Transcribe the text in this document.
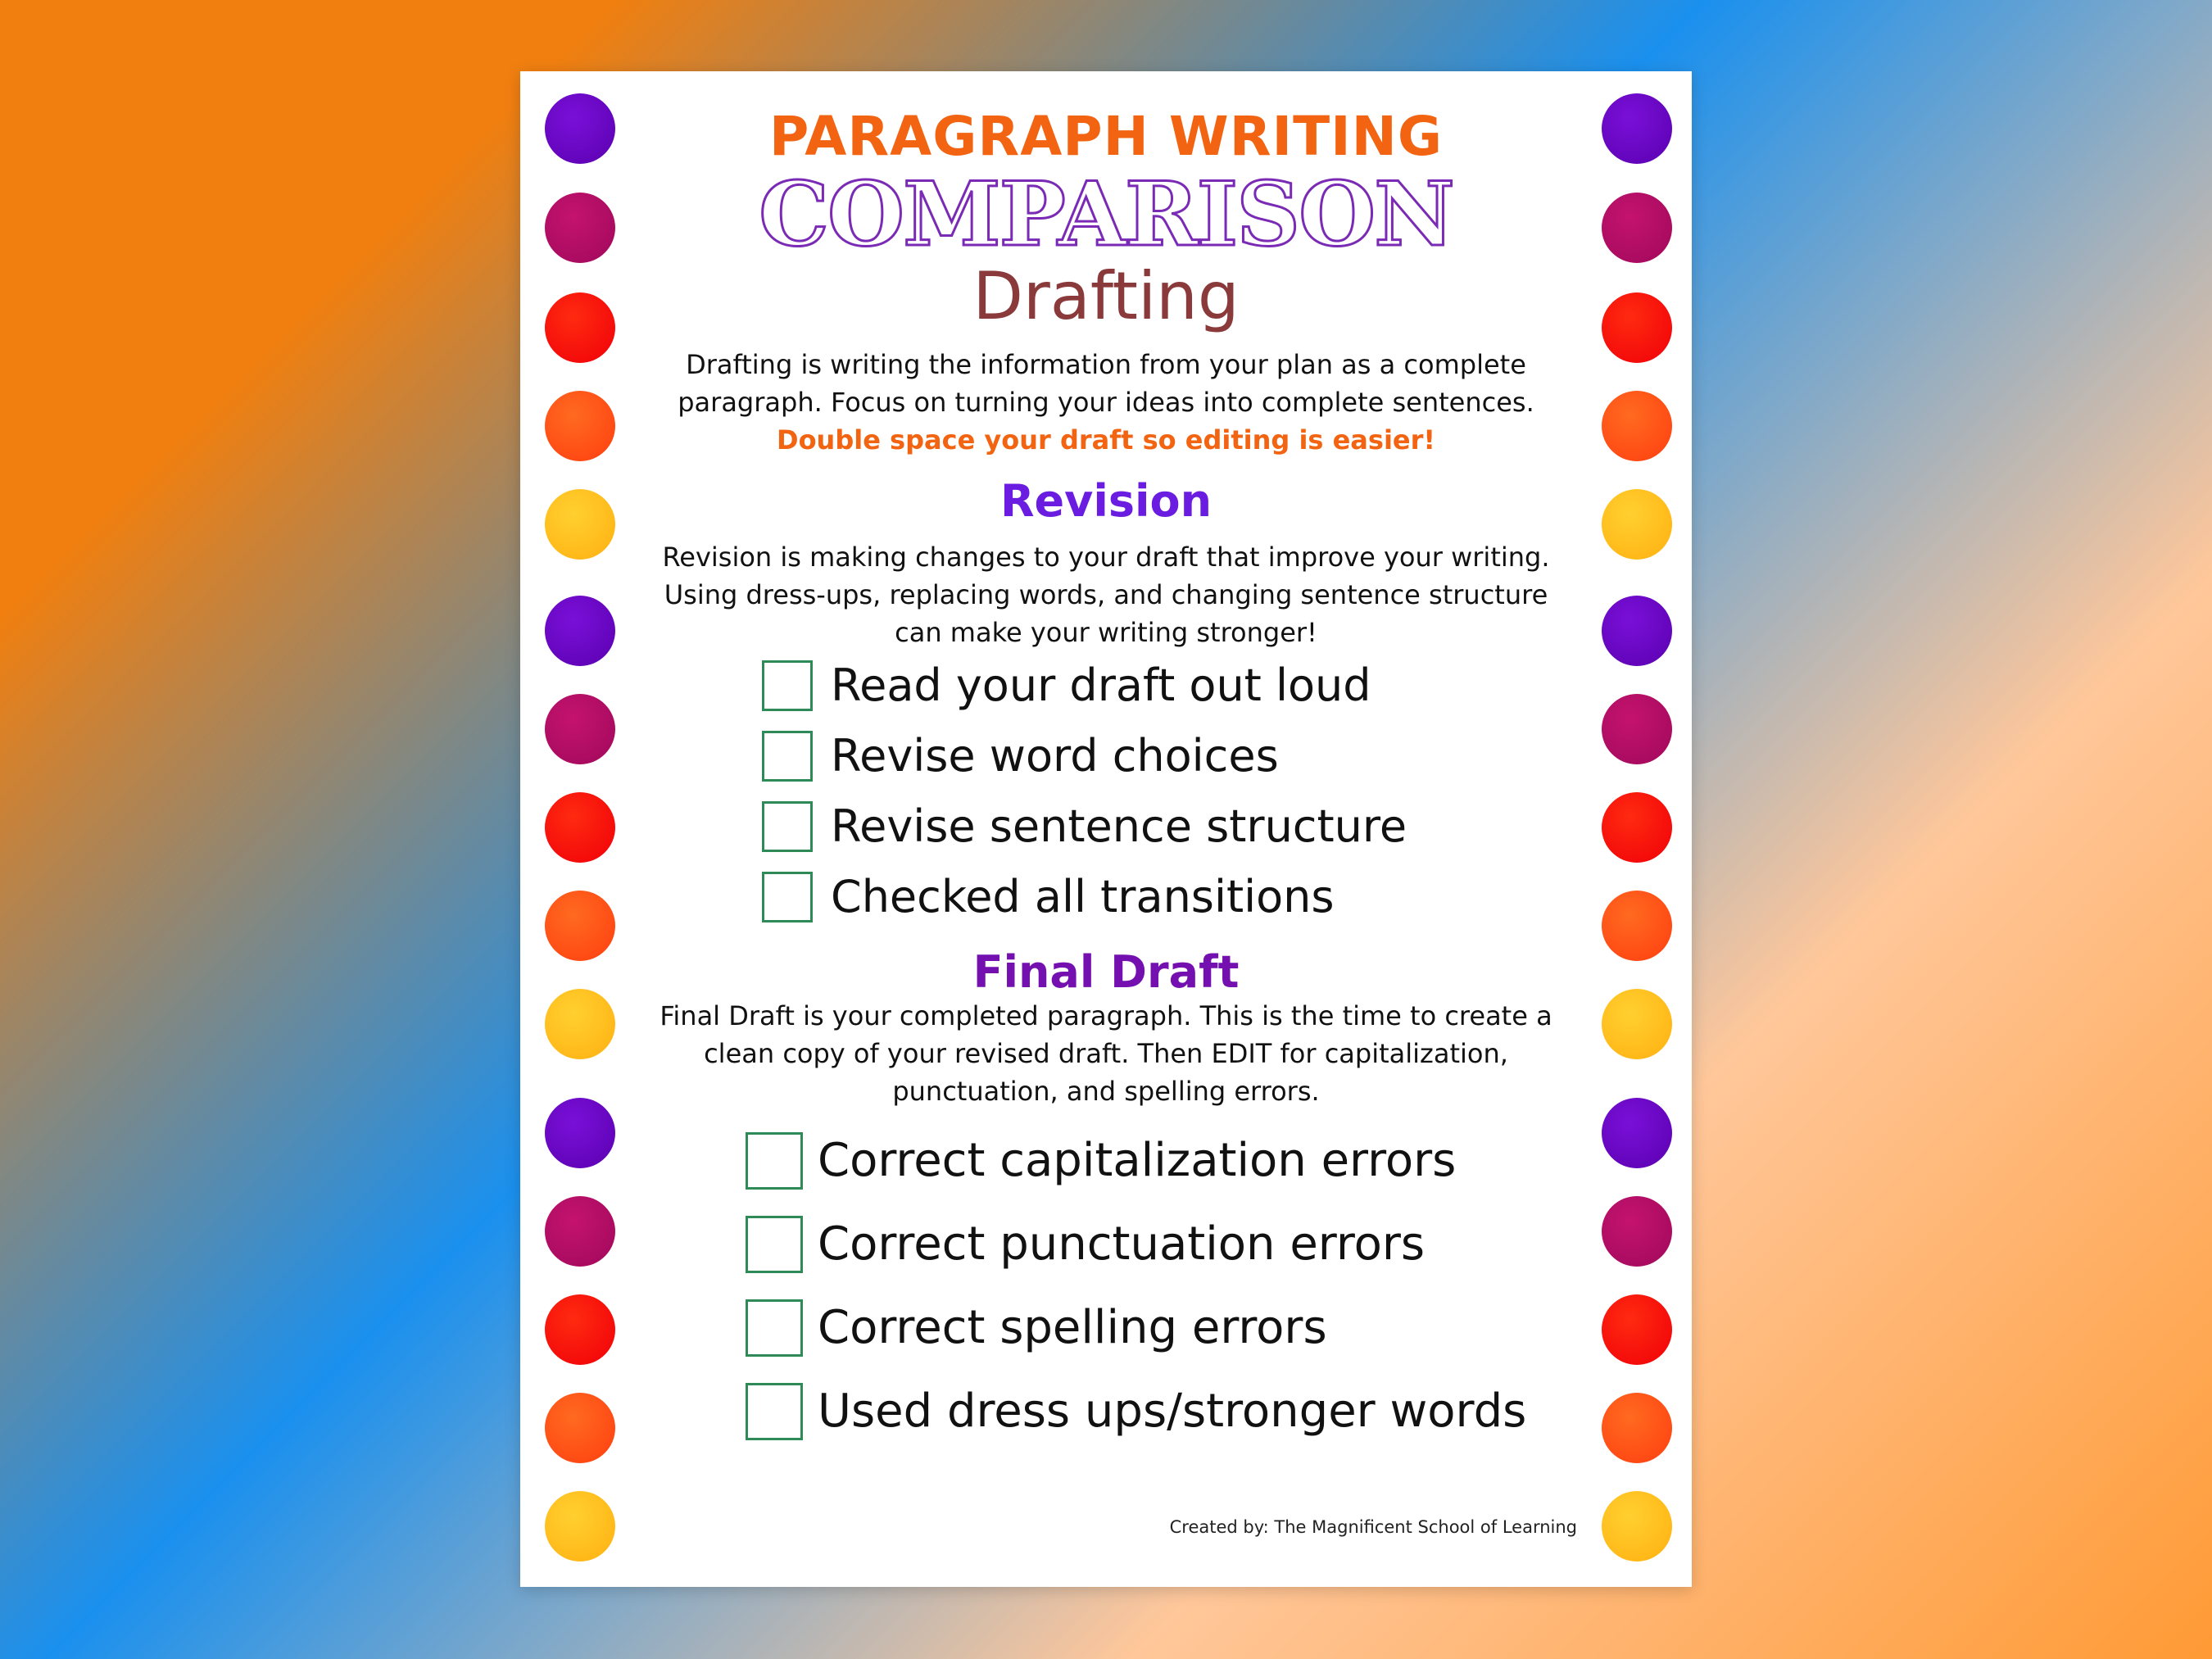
PARAGRAPH WRITING
COMPARISON
Drafting
Drafting is writing the information from your plan as a complete paragraph. Focus on turning your ideas into complete sentences.
Double space your draft so editing is easier!
Revision
Revision is making changes to your draft that improve your writing. Using dress-ups, replacing words, and changing sentence structure can make your writing stronger!
Read your draft out loud
Revise word choices
Revise sentence structure
Checked all transitions
Final Draft
Final Draft is your completed paragraph. This is the time to create a clean copy of your revised draft. Then EDIT for capitalization, punctuation, and spelling errors.
Correct capitalization errors
Correct punctuation errors
Correct spelling errors
Used dress ups/stronger words
Created by: The Magnificent School of Learning
